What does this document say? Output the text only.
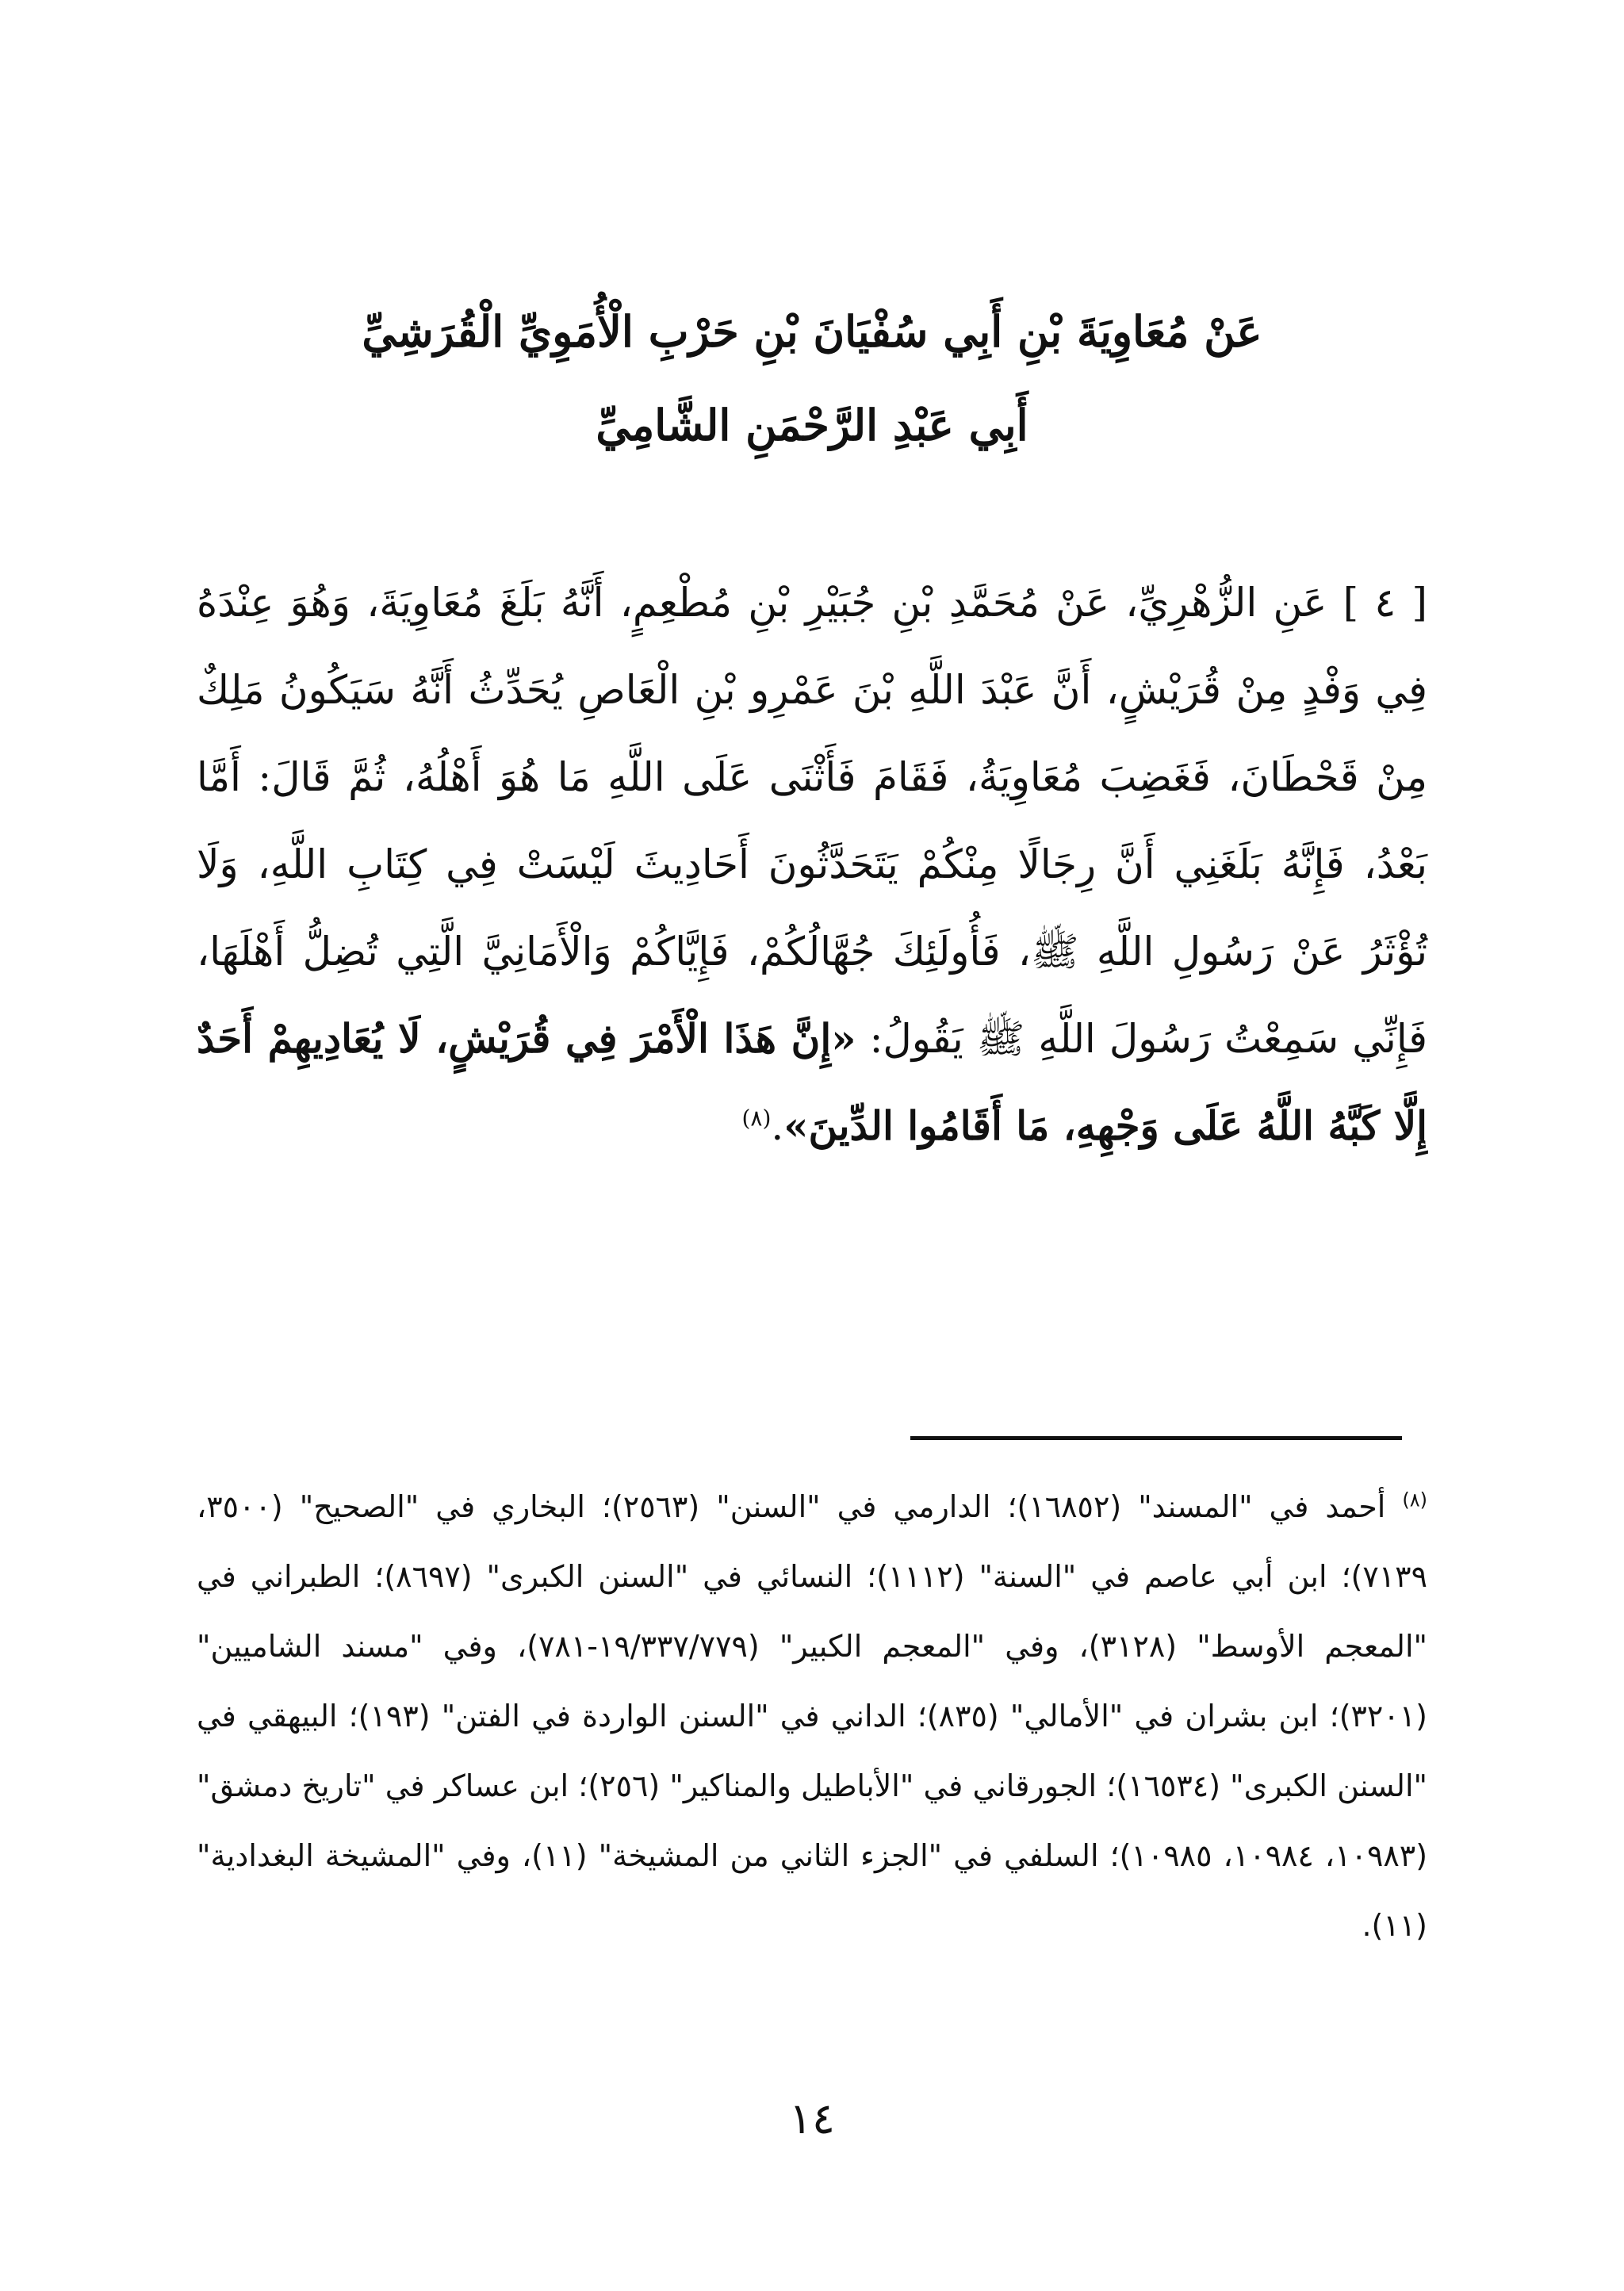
عَنْ مُعَاوِيَةَ بْنِ أَبِي سُفْيَانَ بْنِ حَرْبِ الْأُمَوِيِّ الْقُرَشِيِّ
أَبِي عَبْدِ الرَّحْمَنِ الشَّامِيِّ
[ ٤ ] عَنِ الزُّهْرِيِّ، عَنْ مُحَمَّدِ بْنِ جُبَيْرِ بْنِ مُطْعِمٍ، أَنَّهُ بَلَغَ مُعَاوِيَةَ، وَهُوَ عِنْدَهُ فِي وَفْدٍ مِنْ قُرَيْشٍ، أَنَّ عَبْدَ اللَّهِ بْنَ عَمْرِو بْنِ الْعَاصِ يُحَدِّثُ أَنَّهُ سَيَكُونُ مَلِكٌ مِنْ قَحْطَانَ، فَغَضِبَ مُعَاوِيَةُ، فَقَامَ فَأَثْنَى عَلَى اللَّهِ مَا هُوَ أَهْلُهُ، ثُمَّ قَالَ: أَمَّا بَعْدُ، فَإِنَّهُ بَلَغَنِي أَنَّ رِجَالًا مِنْكُمْ يَتَحَدَّثُونَ أَحَادِيثَ لَيْسَتْ فِي كِتَابِ اللَّهِ، وَلَا تُؤْثَرُ عَنْ رَسُولِ اللَّهِ ﷺ، فَأُولَئِكَ جُهَّالُكُمْ، فَإِيَّاكُمْ وَالْأَمَانِيَّ الَّتِي تُضِلُّ أَهْلَهَا، فَإِنِّي سَمِعْتُ رَسُولَ اللَّهِ ﷺ يَقُولُ: «إِنَّ هَذَا الْأَمْرَ فِي قُرَيْشٍ، لَا يُعَادِيهِمْ أَحَدٌ إِلَّا كَبَّهُ اللَّهُ عَلَى وَجْهِهِ، مَا أَقَامُوا الدِّينَ».$^{(٨)}$
$^{(٨)}$ أحمد في "المسند" (١٦٨٥٢)؛ الدارمي في "السنن" (٢٥٦٣)؛ البخاري في "الصحيح" (٣٥٠٠، ٧١٣٩)؛ ابن أبي عاصم في "السنة" (١١١٢)؛ النسائي في "السنن الكبرى" (٨٦٩٧)؛ الطبراني في "المعجم الأوسط" (٣١٢٨)، وفي "المعجم الكبير" (١٩/٣٣٧/٧٧٩-٧٨١)، وفي "مسند الشاميين" (٣٢٠١)؛ ابن بشران في "الأمالي" (٨٣٥)؛ الداني في "السنن الواردة في الفتن" (١٩٣)؛ البيهقي في "السنن الكبرى" (١٦٥٣٤)؛ الجورقاني في "الأباطيل والمناكير" (٢٥٦)؛ ابن عساكر في "تاريخ دمشق" (١٠٩٨٣، ١٠٩٨٤، ١٠٩٨٥)؛ السلفي في "الجزء الثاني من المشيخة" (١١)، وفي "المشيخة البغدادية" (١١).
١٤
